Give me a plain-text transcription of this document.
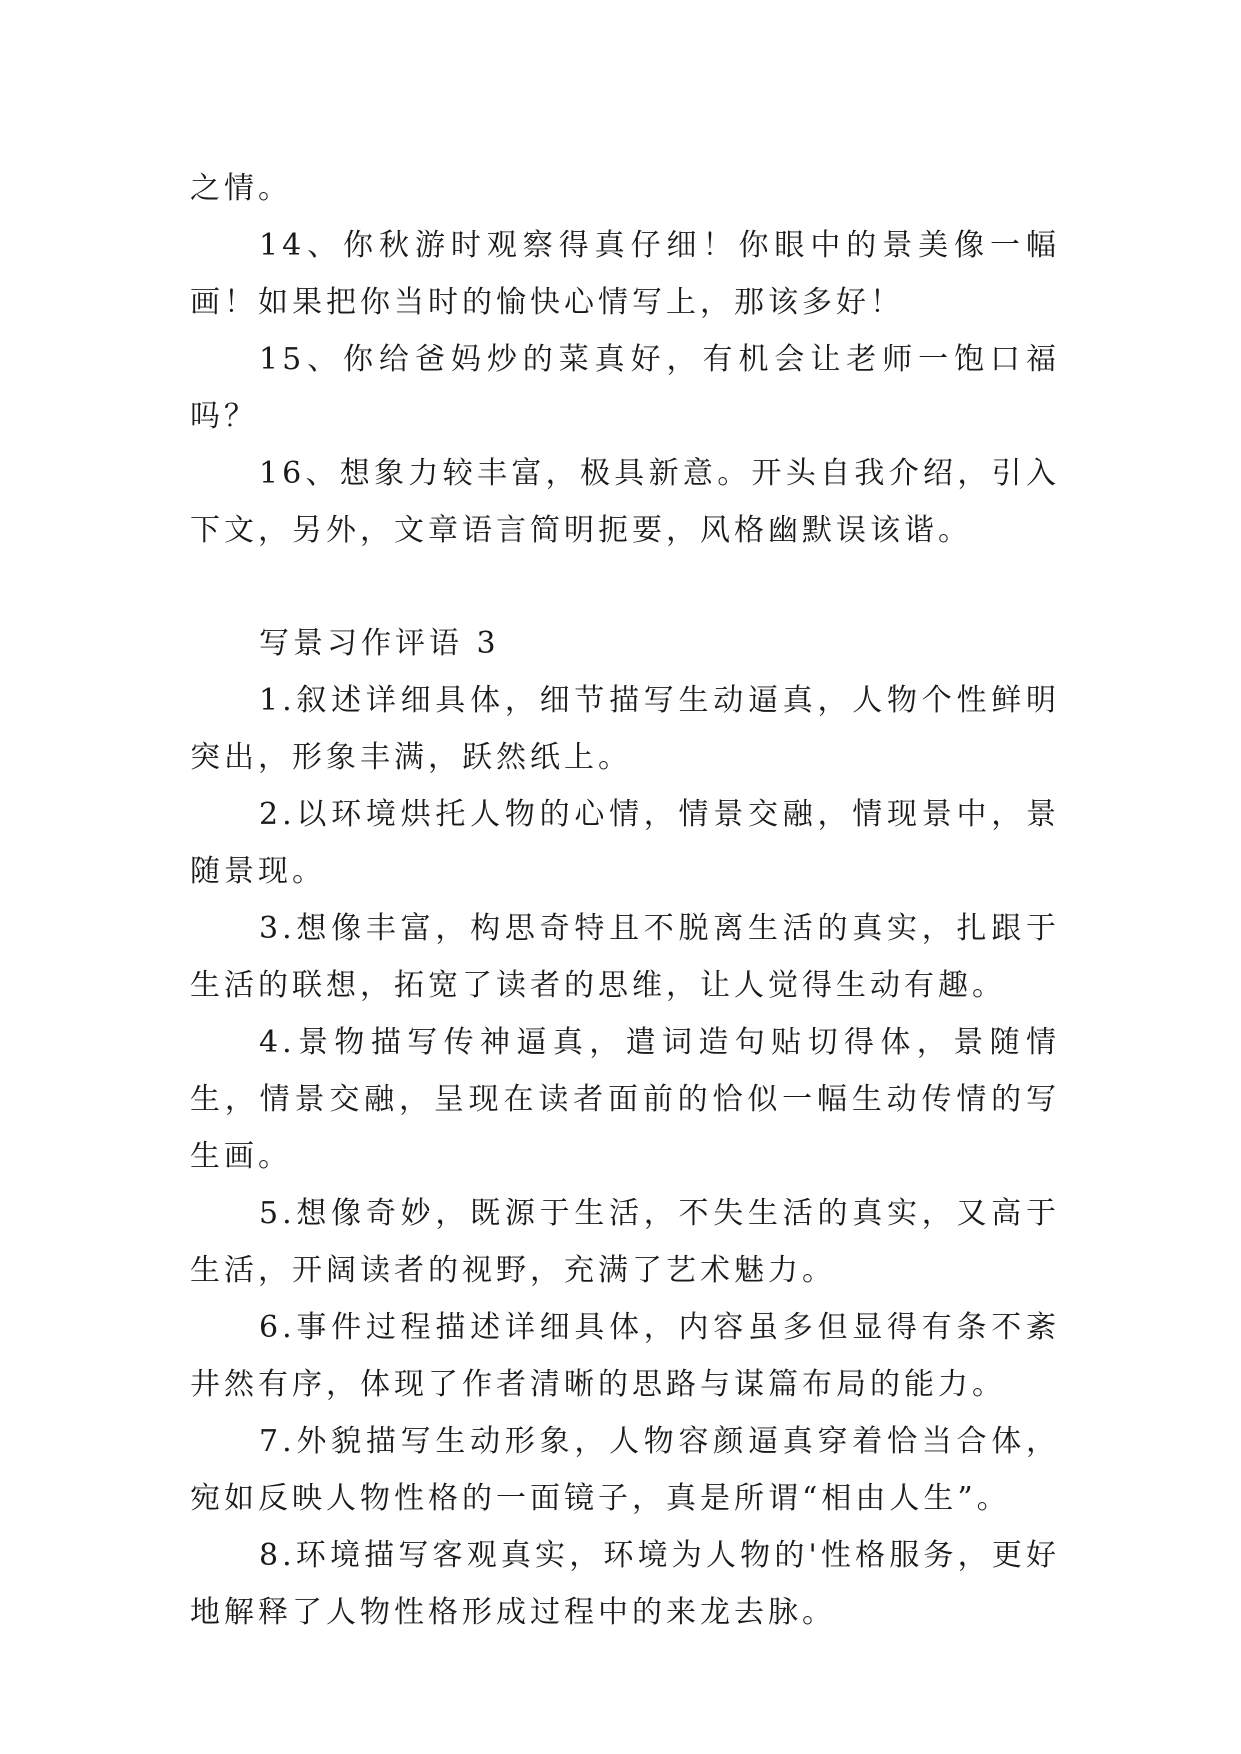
之情。

14、你秋游时观察得真仔细！你眼中的景美像一幅画！如果把你当时的愉快心情写上，那该多好！

15、你给爸妈炒的菜真好，有机会让老师一饱口福吗？

16、想象力较丰富，极具新意。开头自我介绍，引入下文，另外，文章语言简明扼要，风格幽默误该谐。

写景习作评语 3

1.叙述详细具体，细节描写生动逼真，人物个性鲜明突出，形象丰满，跃然纸上。

2.以环境烘托人物的心情，情景交融，情现景中，景随景现。

3.想像丰富，构思奇特且不脱离生活的真实，扎跟于生活的联想，拓宽了读者的思维，让人觉得生动有趣。

4.景物描写传神逼真，遣词造句贴切得体，景随情生，情景交融，呈现在读者面前的恰似一幅生动传情的写生画。

5.想像奇妙，既源于生活，不失生活的真实，又高于生活，开阔读者的视野，充满了艺术魅力。

6.事件过程描述详细具体，内容虽多但显得有条不紊井然有序，体现了作者清晰的思路与谋篇布局的能力。

7.外貌描写生动形象，人物容颜逼真穿着恰当合体，宛如反映人物性格的一面镜子，真是所谓“相由人生”。

8.环境描写客观真实，环境为人物的'性格服务，更好地解释了人物性格形成过程中的来龙去脉。
